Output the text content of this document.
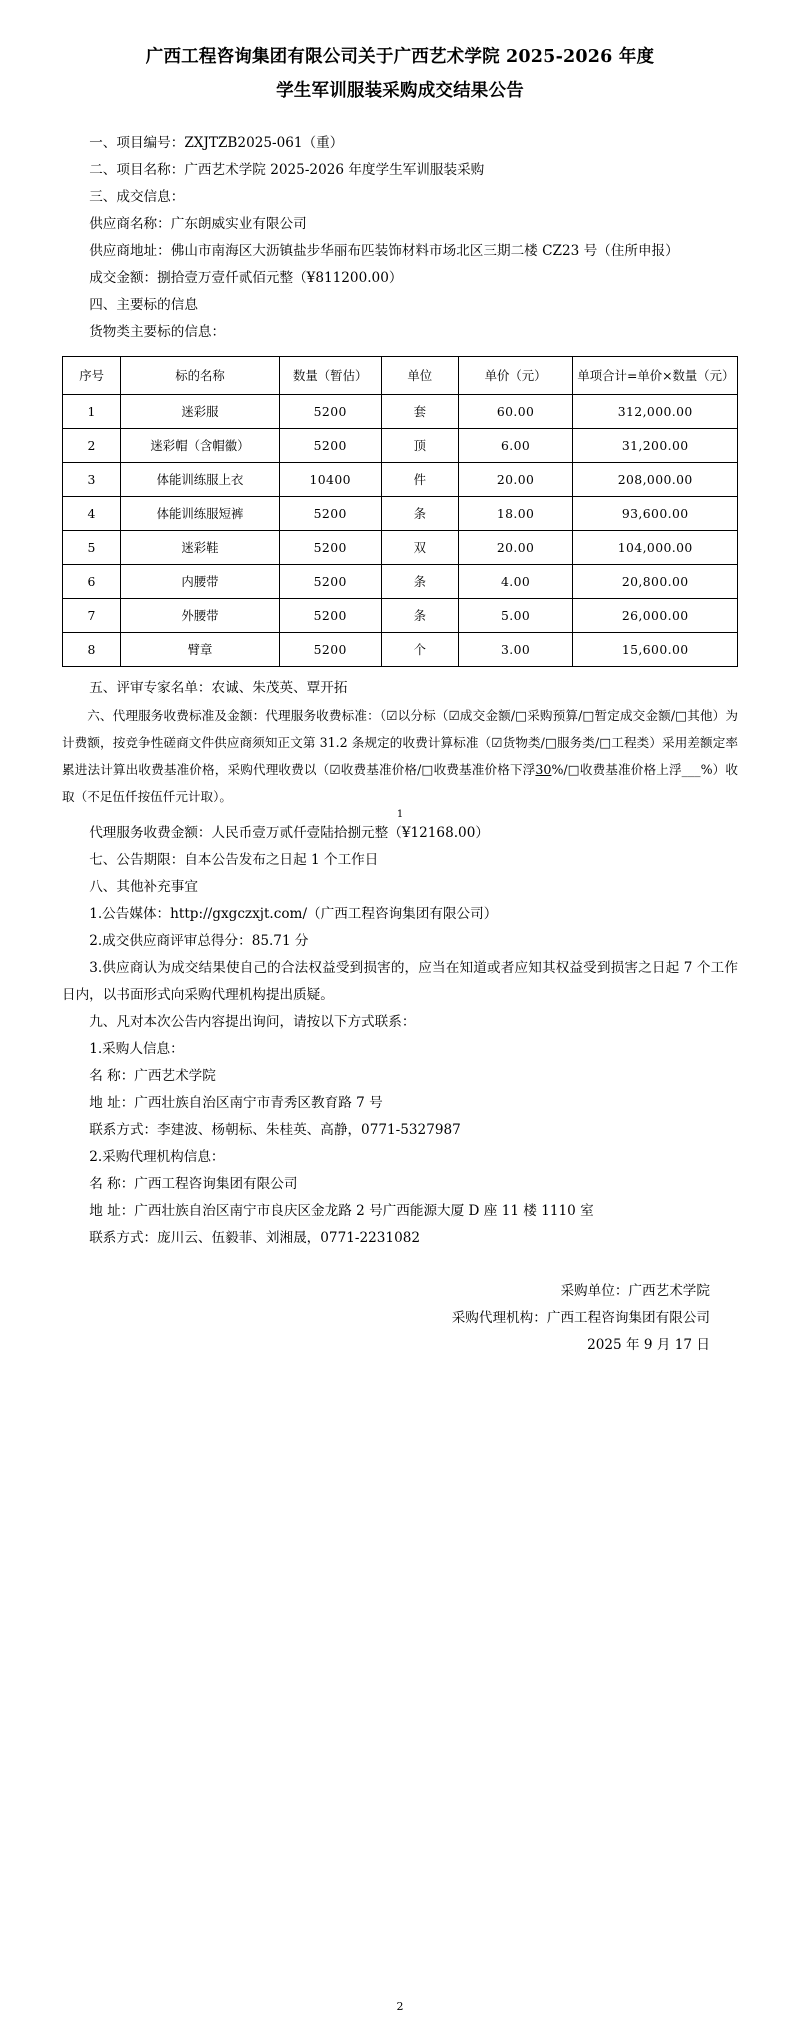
广西工程咨询集团有限公司关于广西艺术学院 2025-2026 年度
学生军训服装采购成交结果公告

一、项目编号：ZXJTZB2025-061（重）

二、项目名称：广西艺术学院 2025-2026 年度学生军训服装采购

三、成交信息：

供应商名称：广东朗威实业有限公司

供应商地址：佛山市南海区大沥镇盐步华丽布匹装饰材料市场北区三期二楼 CZ23 号（住所申报）

成交金额：捌拾壹万壹仟贰佰元整（¥811200.00）

四、主要标的信息

货物类主要标的信息：

序号	标的名称	数量（暂估）	单位	单价（元）	单项合计=单价×数量（元）
1	迷彩服	5200	套	60.00	312,000.00
2	迷彩帽（含帽徽）	5200	顶	6.00	31,200.00
3	体能训练服上衣	10400	件	20.00	208,000.00
4	体能训练服短裤	5200	条	18.00	93,600.00
5	迷彩鞋	5200	双	20.00	104,000.00
6	内腰带	5200	条	4.00	20,800.00
7	外腰带	5200	条	5.00	26,000.00
8	臂章	5200	个	3.00	15,600.00

五、评审专家名单：农诚、朱茂英、覃开拓

六、代理服务收费标准及金额：代理服务收费标准：（☑以分标（☑成交金额/□采购预算/□暂定成交金额/□其他）为计费额，按竞争性磋商文件供应商须知正文第 31.2 条规定的收费计算标准（☑货物类/□服务类/□工程类）采用差额定率累进法计算出收费基准价格，采购代理收费以（☑收费基准价格/□收费基准价格下浮30%/□收费基准价格上浮___%）收取（不足伍仟按伍仟元计取）。

1

代理服务收费金额：人民币壹万贰仟壹陆拾捌元整（¥12168.00）

七、公告期限：自本公告发布之日起 1 个工作日

八、其他补充事宜

1.公告媒体：http://gxgczxjt.com/（广西工程咨询集团有限公司）

2.成交供应商评审总得分：85.71 分

3.供应商认为成交结果使自己的合法权益受到损害的，应当在知道或者应知其权益受到损害之日起 7 个工作日内，以书面形式向采购代理机构提出质疑。

九、凡对本次公告内容提出询问，请按以下方式联系：

1.采购人信息：

名 称：广西艺术学院

地 址：广西壮族自治区南宁市青秀区教育路 7 号

联系方式：李建波、杨朝标、朱桂英、高静，0771-5327987

2.采购代理机构信息：

名 称：广西工程咨询集团有限公司

地 址：广西壮族自治区南宁市良庆区金龙路 2 号广西能源大厦 D 座 11 楼 1110 室

联系方式：庞川云、伍毅菲、刘湘晟，0771-2231082

采购单位：广西艺术学院

采购代理机构：广西工程咨询集团有限公司

2025 年 9 月 17 日

2
